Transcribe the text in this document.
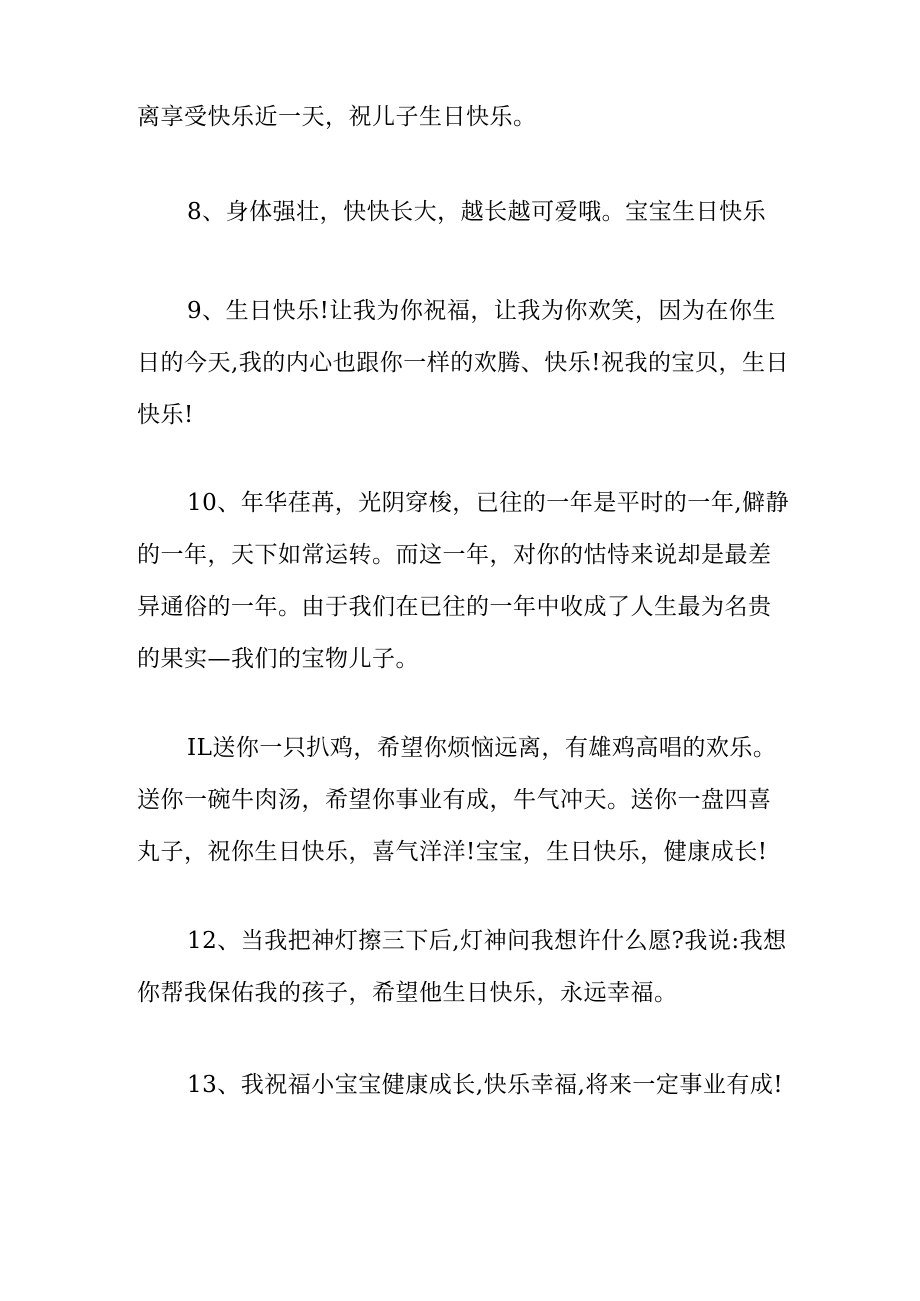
离享受快乐近一天，祝儿子生日快乐。

8、身体强壮，快快长大，越长越可爱哦。宝宝生日快乐

9、生日快乐!让我为你祝福，让我为你欢笑，因为在你生日的今天,我的内心也跟你一样的欢腾、快乐!祝我的宝贝，生日快乐!

10、年华荏苒，光阴穿梭，已往的一年是平时的一年,僻静的一年，天下如常运转。而这一年，对你的怙恃来说却是最差异通俗的一年。由于我们在已往的一年中收成了人生最为名贵的果实—我们的宝物儿子。

IL送你一只扒鸡，希望你烦恼远离，有雄鸡高唱的欢乐。送你一碗牛肉汤，希望你事业有成，牛气冲天。送你一盘四喜丸子，祝你生日快乐，喜气洋洋!宝宝，生日快乐，健康成长!

12、当我把神灯擦三下后,灯神问我想许什么愿?我说:我想你帮我保佑我的孩子，希望他生日快乐，永远幸福。

13、我祝福小宝宝健康成长,快乐幸福,将来一定事业有成!
